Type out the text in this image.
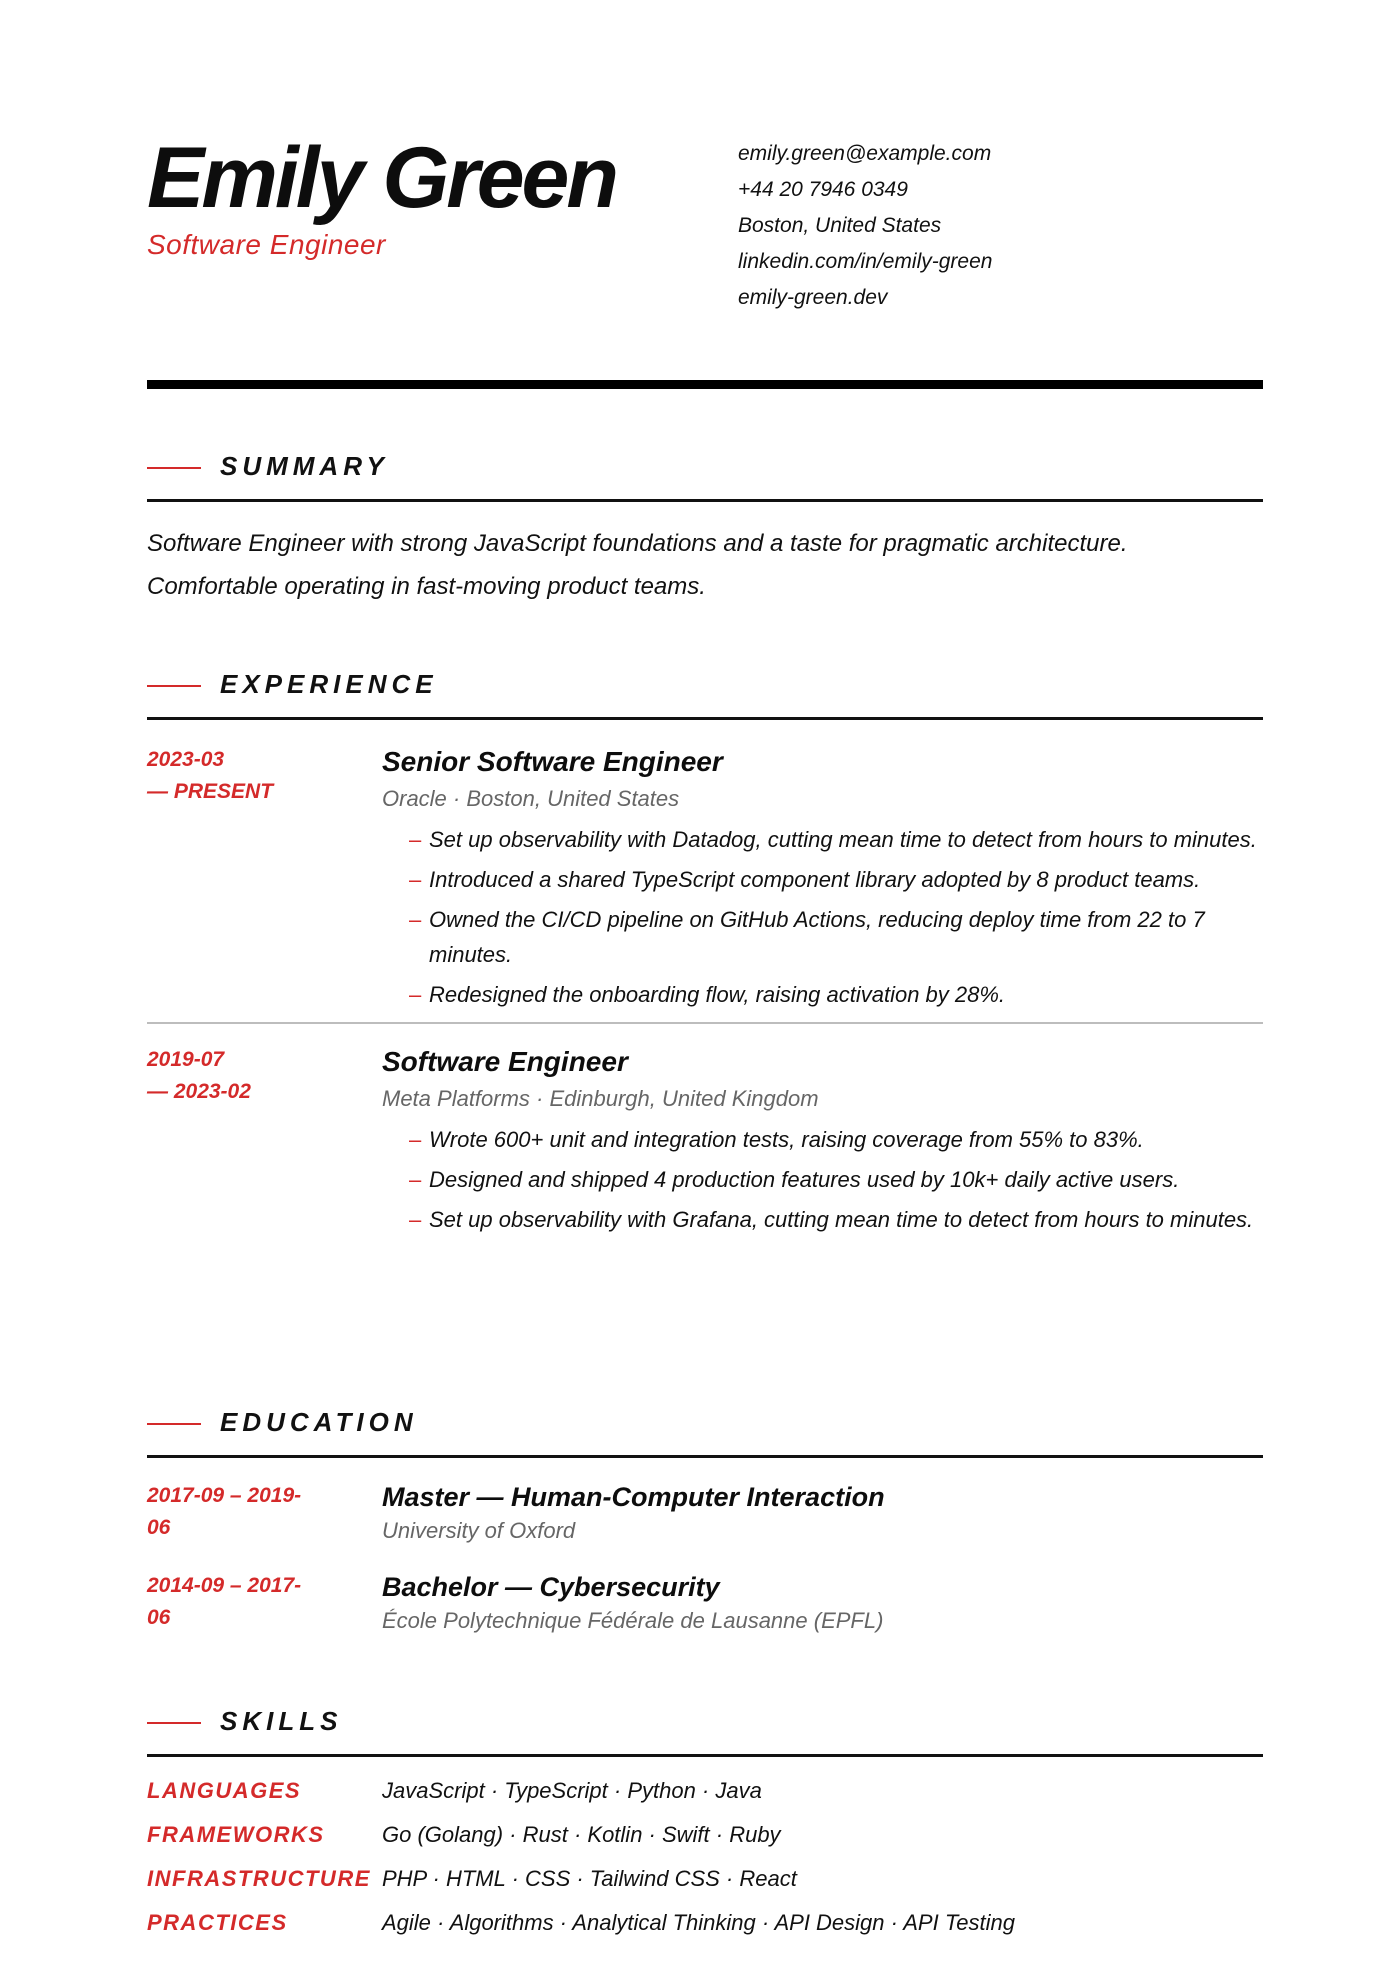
Emily Green
Software Engineer
emily.green@example.com
+44 20 7946 0349
Boston, United States
linkedin.com/in/emily-green
emily-green.dev
SUMMARY
Software Engineer with strong JavaScript foundations and a taste for pragmatic architecture.
Comfortable operating in fast-moving product teams.
EXPERIENCE
2023-03
— PRESENT
Senior Software Engineer
Oracle · Boston, United States
– Set up observability with Datadog, cutting mean time to detect from hours to minutes.
– Introduced a shared TypeScript component library adopted by 8 product teams.
– Owned the CI/CD pipeline on GitHub Actions, reducing deploy time from 22 to 7 minutes.
– Redesigned the onboarding flow, raising activation by 28%.
2019-07
— 2023-02
Software Engineer
Meta Platforms · Edinburgh, United Kingdom
– Wrote 600+ unit and integration tests, raising coverage from 55% to 83%.
– Designed and shipped 4 production features used by 10k+ daily active users.
– Set up observability with Grafana, cutting mean time to detect from hours to minutes.
EDUCATION
2017-09 – 2019-
06
Master — Human-Computer Interaction
University of Oxford
2014-09 – 2017-
06
Bachelor — Cybersecurity
École Polytechnique Fédérale de Lausanne (EPFL)
SKILLS
LANGUAGES	JavaScript · TypeScript · Python · Java
FRAMEWORKS	Go (Golang) · Rust · Kotlin · Swift · Ruby
INFRASTRUCTURE PHP · HTML · CSS · Tailwind CSS · React
PRACTICES	Agile · Algorithms · Analytical Thinking · API Design · API Testing
